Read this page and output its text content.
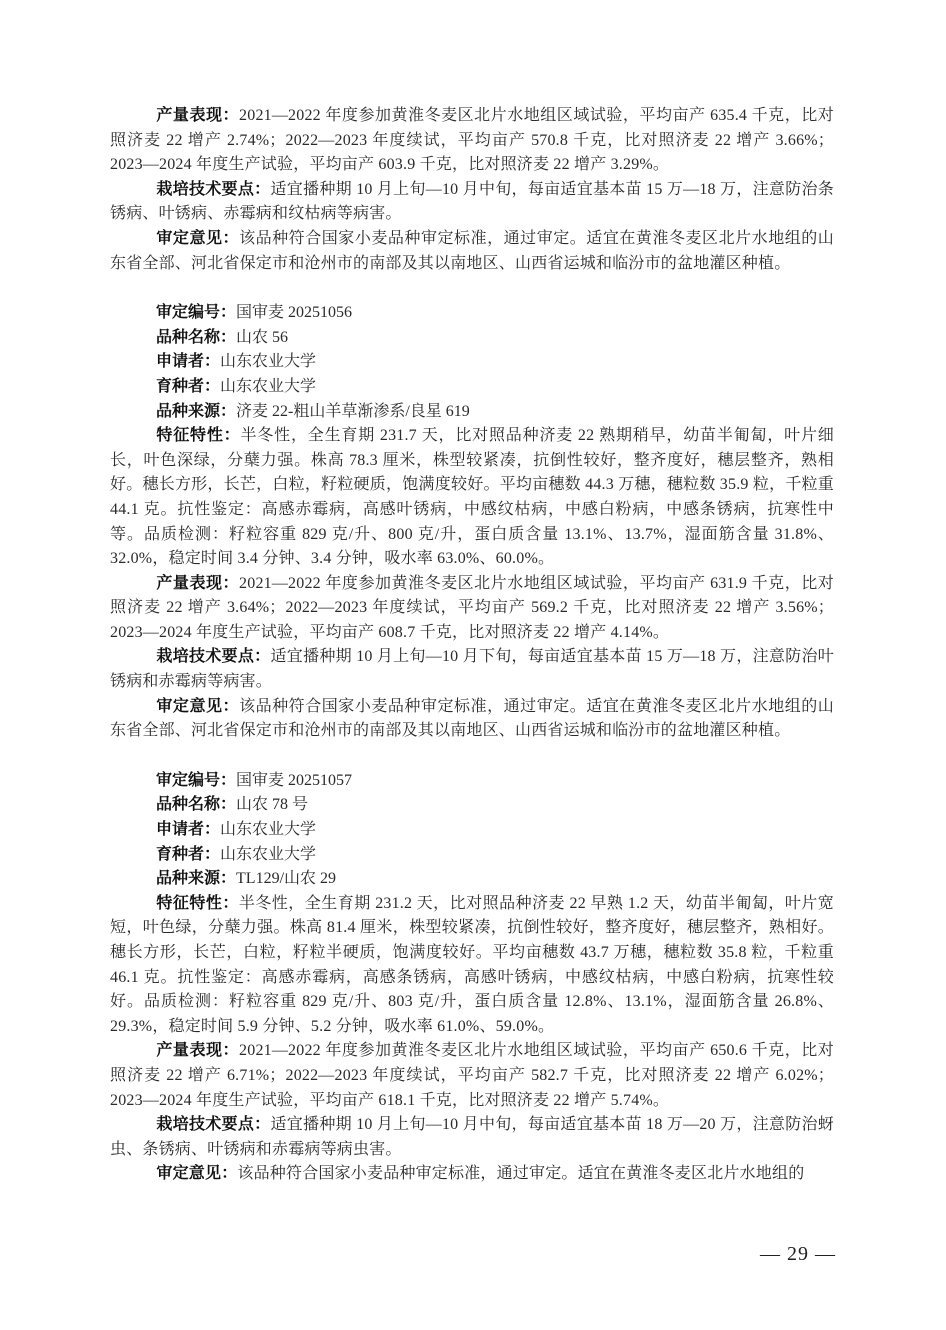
产量表现：2021—2022 年度参加黄淮冬麦区北片水地组区域试验，平均亩产 635.4 千克，比对照济麦 22 增产 2.74%；2022—2023 年度续试，平均亩产 570.8 千克，比对照济麦 22 增产 3.66%；2023—2024 年度生产试验，平均亩产 603.9 千克，比对照济麦 22 增产 3.29%。

栽培技术要点：适宜播种期 10 月上旬—10 月中旬，每亩适宜基本苗 15 万—18 万，注意防治条锈病、叶锈病、赤霉病和纹枯病等病害。

审定意见：该品种符合国家小麦品种审定标准，通过审定。适宜在黄淮冬麦区北片水地组的山东省全部、河北省保定市和沧州市的南部及其以南地区、山西省运城和临汾市的盆地灌区种植。

审定编号：国审麦 20251056

品种名称：山农 56

申请者：山东农业大学

育种者：山东农业大学

品种来源：济麦 22-粗山羊草渐渗系/良星 619

特征特性：半冬性，全生育期 231.7 天，比对照品种济麦 22 熟期稍早，幼苗半匍匐，叶片细长，叶色深绿，分蘖力强。株高 78.3 厘米，株型较紧凑，抗倒性较好，整齐度好，穗层整齐，熟相好。穗长方形，长芒，白粒，籽粒硬质，饱满度较好。平均亩穗数 44.3 万穗，穗粒数 35.9 粒，千粒重 44.1 克。抗性鉴定：高感赤霉病，高感叶锈病，中感纹枯病，中感白粉病，中感条锈病，抗寒性中等。品质检测：籽粒容重 829 克/升、800 克/升，蛋白质含量 13.1%、13.7%，湿面筋含量 31.8%、32.0%，稳定时间 3.4 分钟、3.4 分钟，吸水率 63.0%、60.0%。

产量表现：2021—2022 年度参加黄淮冬麦区北片水地组区域试验，平均亩产 631.9 千克，比对照济麦 22 增产 3.64%；2022—2023 年度续试，平均亩产 569.2 千克，比对照济麦 22 增产 3.56%；2023—2024 年度生产试验，平均亩产 608.7 千克，比对照济麦 22 增产 4.14%。

栽培技术要点：适宜播种期 10 月上旬—10 月下旬，每亩适宜基本苗 15 万—18 万，注意防治叶锈病和赤霉病等病害。

审定意见：该品种符合国家小麦品种审定标准，通过审定。适宜在黄淮冬麦区北片水地组的山东省全部、河北省保定市和沧州市的南部及其以南地区、山西省运城和临汾市的盆地灌区种植。

审定编号：国审麦 20251057

品种名称：山农 78 号

申请者：山东农业大学

育种者：山东农业大学

品种来源：TL129/山农 29

特征特性：半冬性，全生育期 231.2 天，比对照品种济麦 22 早熟 1.2 天，幼苗半匍匐，叶片宽短，叶色绿，分蘖力强。株高 81.4 厘米，株型较紧凑，抗倒性较好，整齐度好，穗层整齐，熟相好。穗长方形，长芒，白粒，籽粒半硬质，饱满度较好。平均亩穗数 43.7 万穗，穗粒数 35.8 粒，千粒重 46.1 克。抗性鉴定：高感赤霉病，高感条锈病，高感叶锈病，中感纹枯病，中感白粉病，抗寒性较好。品质检测：籽粒容重 829 克/升、803 克/升，蛋白质含量 12.8%、13.1%，湿面筋含量 26.8%、29.3%，稳定时间 5.9 分钟、5.2 分钟，吸水率 61.0%、59.0%。

产量表现：2021—2022 年度参加黄淮冬麦区北片水地组区域试验，平均亩产 650.6 千克，比对照济麦 22 增产 6.71%；2022—2023 年度续试，平均亩产 582.7 千克，比对照济麦 22 增产 6.02%；2023—2024 年度生产试验，平均亩产 618.1 千克，比对照济麦 22 增产 5.74%。

栽培技术要点：适宜播种期 10 月上旬—10 月中旬，每亩适宜基本苗 18 万—20 万，注意防治蚜虫、条锈病、叶锈病和赤霉病等病虫害。

审定意见：该品种符合国家小麦品种审定标准，通过审定。适宜在黄淮冬麦区北片水地组的

— 29 —
